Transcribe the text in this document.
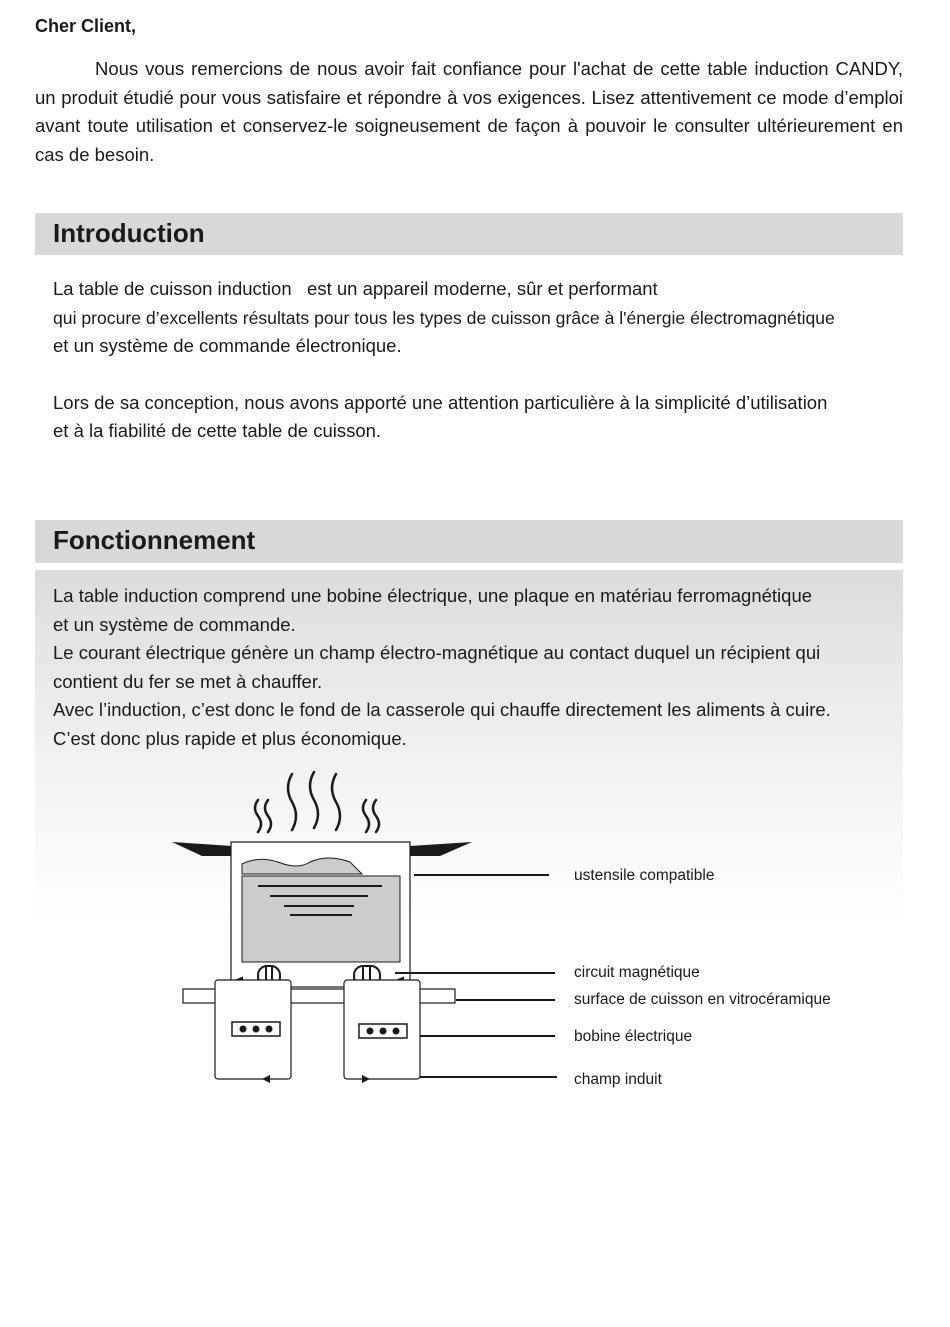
Cher Client,
Nous vous remercions de nous avoir fait confiance pour l'achat de cette table induction CANDY, un produit étudié pour vous satisfaire et répondre à vos exigences. Lisez attentivement ce mode d’emploi avant toute utilisation et conservez-le soigneusement de façon à pouvoir le consulter ultérieurement en cas de besoin.
Introduction

La table de cuisson induction   est un appareil moderne, sûr et performant

qui procure d’excellents résultats pour tous les types de cuisson grâce à l'énergie électromagnétique

et un système de commande électronique.

Lors de sa conception, nous avons apporté une attention particulière à la simplicité d’utilisation

et à la fiabilité de cette table de cuisson.

Fonctionnement

La table induction comprend une bobine électrique, une plaque en matériau ferromagnétique

et un système de commande.

Le courant électrique génère un champ électro-magnétique au contact duquel un récipient qui

contient du fer se met à chauffer.

Avec l’induction, c’est donc le fond de la casserole qui chauffe directement les aliments à cuire.

C’est donc plus rapide et plus économique.

ustensile compatible
circuit magnétique
surface de cuisson en vitrocéramique
bobine électrique
champ induit
